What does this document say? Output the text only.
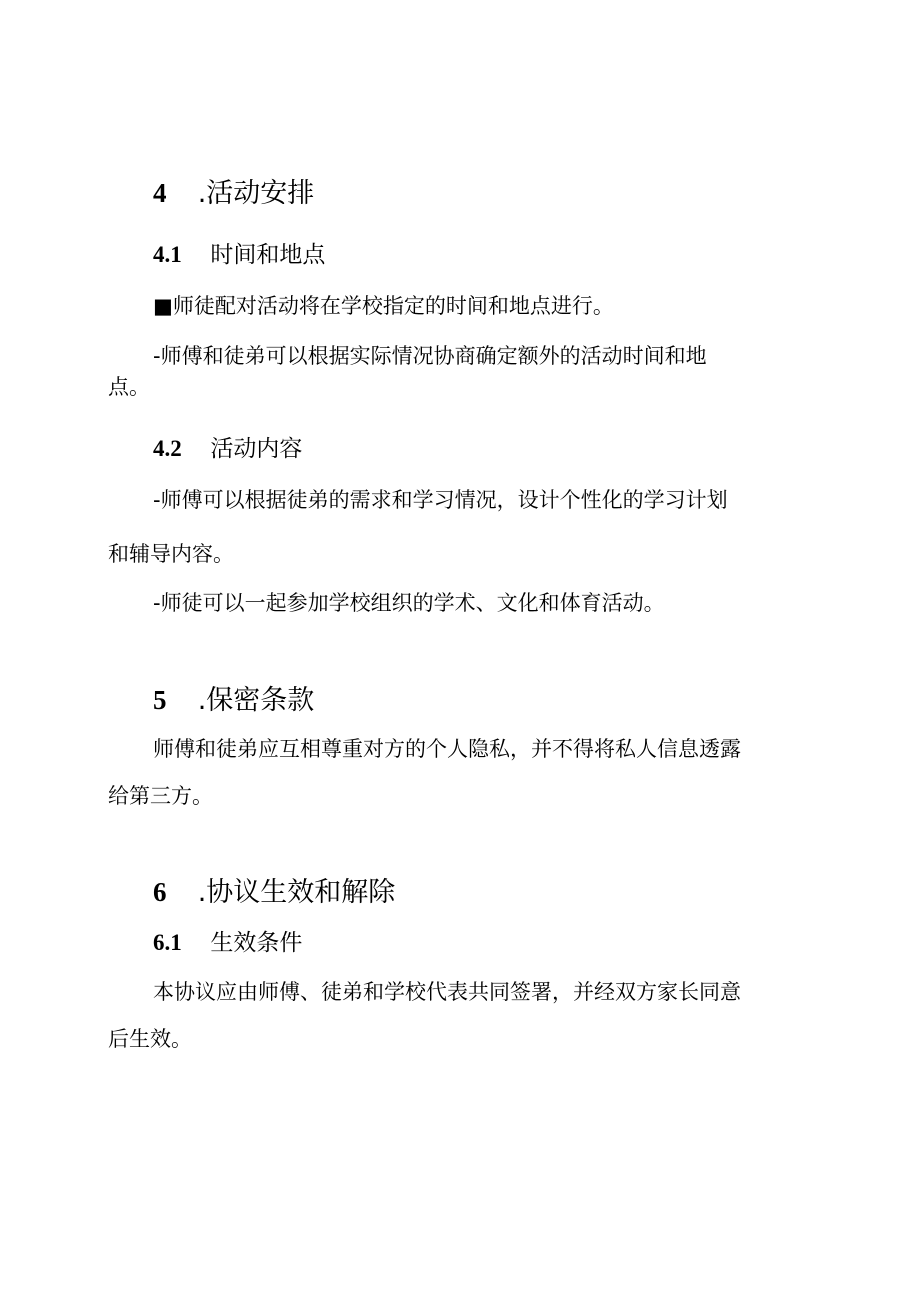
4 .活动安排
4.1 时间和地点
■师徒配对活动将在学校指定的时间和地点进行。
-师傅和徒弟可以根据实际情况协商确定额外的活动时间和地
点。
4.2 活动内容
-师傅可以根据徒弟的需求和学习情况，设计个性化的学习计划
和辅导内容。
-师徒可以一起参加学校组织的学术、文化和体育活动。
5 .保密条款
师傅和徒弟应互相尊重对方的个人隐私，并不得将私人信息透露
给第三方。
6 .协议生效和解除
6.1 生效条件
本协议应由师傅、徒弟和学校代表共同签署，并经双方家长同意
后生效。
